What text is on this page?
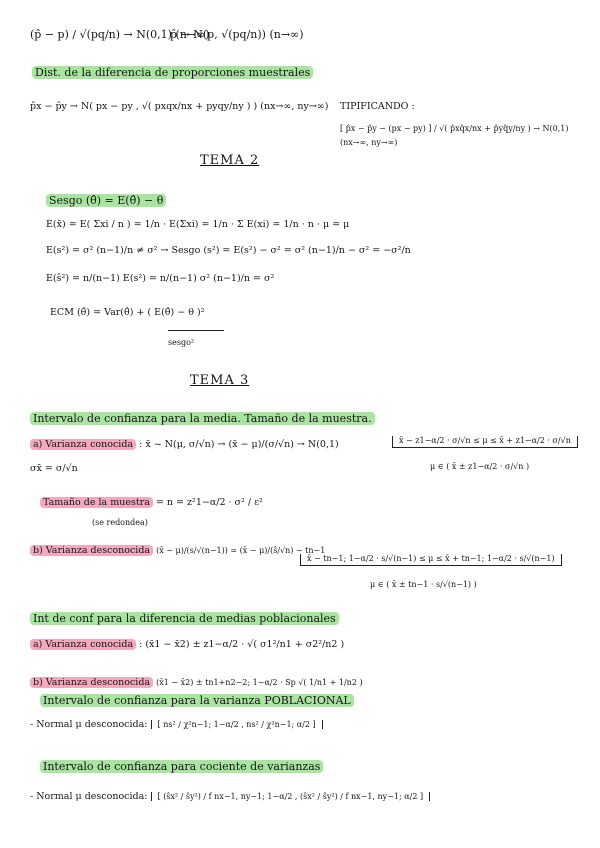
(p̂ − p) / √(pq/n) → N(0,1) (n→∞)
p̂ → N(p, √(pq/n)) (n→∞)
Dist. de la diferencia de proporciones muestrales
p̂x − p̂y → N( px − py , √( pxqx/nx + pyqy/ny ) ) (nx→∞, ny→∞) TIPIFICANDO :
[ p̂x − p̂y − (px − py) ] / √( p̂xq̂x/nx + p̂yq̂y/ny ) → N(0,1) (nx→∞, ny→∞)
TEMA 2
Sesgo (θ̂) = E(θ̂) − θ
E(x̄) = E( Σxi / n ) = 1/n · E(Σxi) = 1/n · Σ E(xi) = 1/n · n · μ = μ
E(s²) = σ² (n−1)/n ≠ σ² → Sesgo (s²) = E(s²) − σ² = σ² (n−1)/n − σ² = −σ²/n
E(ŝ²) = n/(n−1) E(s²) = n/(n−1) σ² (n−1)/n = σ²
ECM (θ̂) = Var(θ̂) + ( E(θ̂) − θ )²

sesgo²
TEMA 3
Intervalo de confianza para la media. Tamaño de la muestra.
a) Varianza conocida : x̄ ~ N(μ, σ/√n) → (x̄ − μ)/(σ/√n) → N(0,1)	x̄ − z1−α/2 · σ/√n ≤ μ ≤ x̄ + z1−α/2 · σ/√n
μ ∈ ( x̄ ± z1−α/2 · σ/√n )
σx̄ = σ/√n
Tamaño de la muestra = n = z²1−α/2 · σ² / ε²
(se redondea)
b) Varianza desconocida (x̄ − μ)/(s/√(n−1)) = (x̄ − μ)/(ŝ/√n) ~ tn−1
x̄ − tn−1; 1−α/2 · s/√(n−1) ≤ μ ≤ x̄ + tn−1; 1−α/2 · s/√(n−1)
μ ∈ ( x̄ ± tn−1 · s/√(n−1) )
Int de conf para la diferencia de medias poblacionales
a) Varianza conocida : (x̄1 − x̄2) ± z1−α/2 · √( σ1²/n1 + σ2²/n2 )
b) Varianza desconocida (x̄1 − x̄2) ± tn1+n2−2; 1−α/2 · Sp √( 1/n1 + 1/n2 )
Intervalo de confianza para la varianza POBLACIONAL
- Normal μ desconocida: [ ns² / χ²n−1; 1−α/2 , ns² / χ²n−1; α/2 ]
Intervalo de confianza para cociente de varianzas
- Normal μ desconocida: [ (ŝx² / ŝy²) / f nx−1, ny−1; 1−α/2 , (ŝx² / ŝy²) / f nx−1, ny−1; α/2 ]
